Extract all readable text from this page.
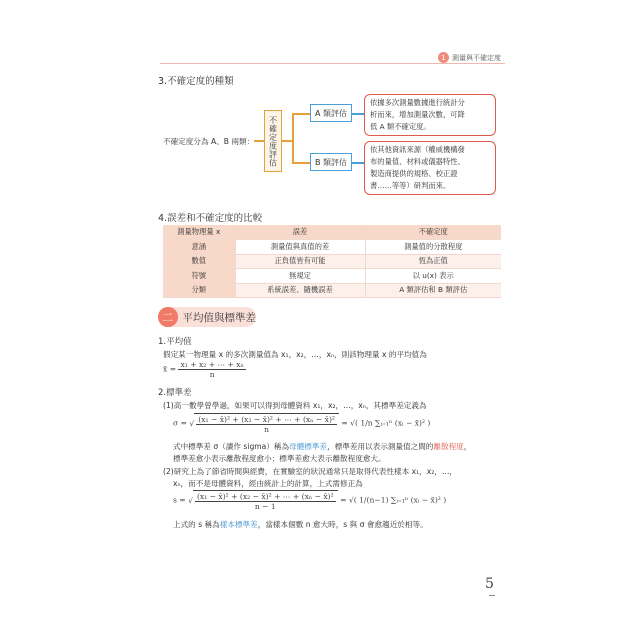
1 測量與不確定度
3.不確定度的種類
不確定度分為 A、B 兩類：	不確定度評估
A 類評估
B 類評估
依據多次測量數據進行統計分
析而來，增加測量次數，可降
低 A 類不確定度。
依其他資訊來源（權威機構發
布的量值、材料或儀器特性、
製造商提供的規格、校正證
書……等等）研判而來。
4.誤差和不確定度的比較
測量物理量 x	誤差	不確定度
意涵	測量值與真值的差	測量值的分散程度
數值	正負值皆有可能	恆為正值
符號	無規定	以 u(x) 表示
分類	系統誤差、隨機誤差	A 類評估和 B 類評估
二 平均值與標準差
1.平均值
假定某一物理量 x 的多次測量值為 x₁，x₂，…，xₙ，則該物理量 x 的平均值為
x̄ = $\frac{\text{x₁ + x₂ + ⋯ + xₙ}}{n}$
2.標準差
(1)高一數學曾學過，如果可以得到母體資料 x₁，x₂，…，xₙ，其標準差定義為
σ = √ $\frac{\text{(x₁ − x̄)² + (x₂ − x̄)² + ⋯ + (xₙ − x̄)²}}{n}$ = √( 1/n ∑ᵢ₌₁ⁿ (xᵢ − x̄)² )
式中標準差 σ（讀作 sigma）稱為母體標準差，標準差用以表示測量值之間的離散程度，
標準差愈小表示離散程度愈小；標準差愈大表示離散程度愈大。
(2)研究上為了節省時間與經費，在實驗室的狀況通常只是取得代表性樣本 x₁，x₂，…，
xₙ，而不是母體資料，經由統計上的計算，上式需修正為
s = √ $\frac{\text{(x₁ − x̄)² + (x₂ − x̄)² + ⋯ + (xₙ − x̄)²}}{n - 1}$ = √( 1/(n−1) ∑ᵢ₌₁ⁿ (xᵢ − x̄)² )
上式的 s 稱為樣本標準差，當樣本個數 n 愈大時，s 與 σ 會愈趨近於相等。
5
